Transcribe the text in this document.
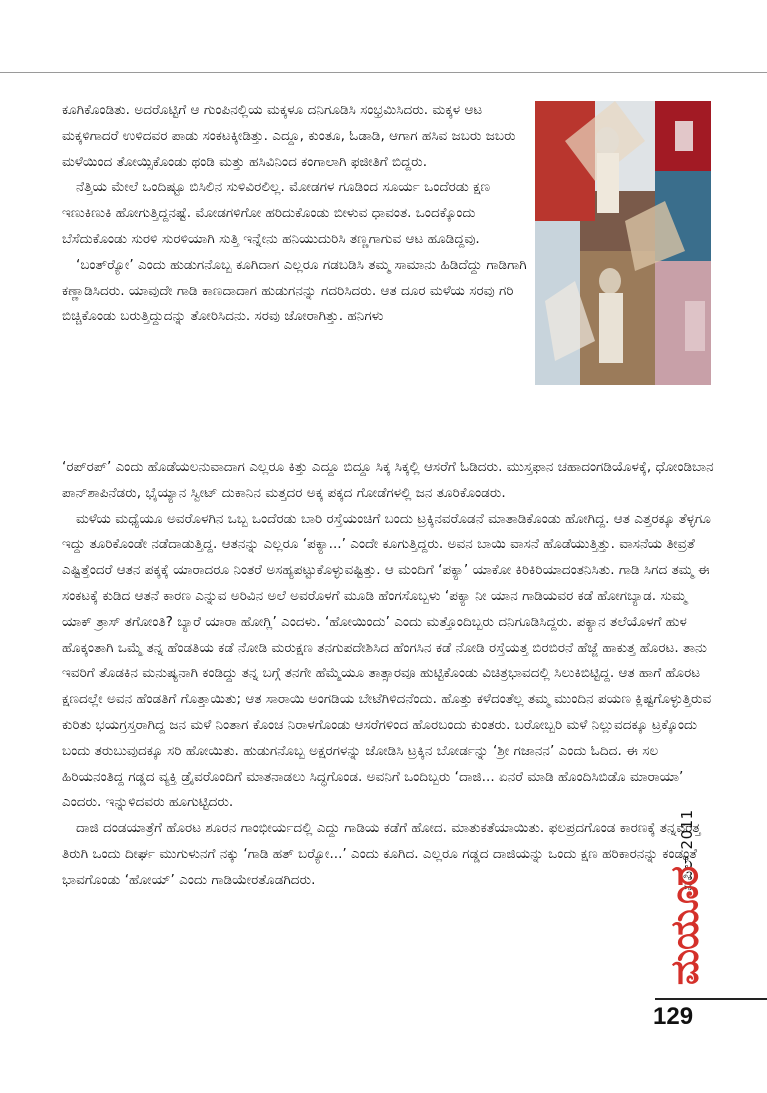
ಕೂಗಿಕೊಂಡಿತು. ಅದರೊಟ್ಟಿಗೆ ಆ ಗುಂಪಿನಲ್ಲಿಯ ಮಕ್ಕಳೂ ದನಿಗೂಡಿಸಿ ಸಂಭ್ರಮಿಸಿದರು. ಮಕ್ಕಳ ಆಟ ಮಕ್ಕಳಿಗಾದರೆ ಉಳಿದವರ ಪಾಡು ಸಂಕಟಕ್ಕೀಡಿತ್ತು. ಎದ್ದೂ, ಕುಂತೂ, ಓಡಾಡಿ, ಆಗಾಗ ಹಸಿವ ಜಬರು ಜಬರು ಮಳೆಯಿಂದ ತೋಯ್ಸಿಕೊಂಡು ಥಂಡಿ ಮತ್ತು ಹಸಿವಿನಿಂದ ಕಂಗಾಲಾಗಿ ಫಜೀತಿಗೆ ಬಿದ್ದರು.

ನೆತ್ತಿಯ ಮೇಲೆ ಒಂದಿಷ್ಟೂ ಬಿಸಿಲಿನ ಸುಳಿವಿರಲಿಲ್ಲ. ಮೋಡಗಳ ಗೂಡಿಂದ ಸೂರ್ಯ ಒಂದೆರಡು ಕ್ಷಣ ಇಣುಕಿಣುಕಿ ಹೋಗುತ್ತಿದ್ದನಷ್ಟೆ. ಮೋಡಗಳಿಗೋ ಹರಿದುಕೊಂಡು ಬೀಳುವ ಧಾವಂತ. ಒಂದಕ್ಕೊಂದು ಬೆಸೆದುಕೊಂಡು ಸುರಳಿ ಸುರಳಿಯಾಗಿ ಸುತ್ತಿ ಇನ್ನೇನು ಹನಿಯುದುರಿಸಿ ತಣ್ಣಗಾಗುವ ಆಟ ಹೂಡಿದ್ದವು.

‘ಬಂತ್‌ರ್‍ಯೋ’ ಎಂದು ಹುಡುಗನೊಬ್ಬ ಕೂಗಿದಾಗ ಎಲ್ಲರೂ ಗಡಬಡಿಸಿ ತಮ್ಮ ಸಾಮಾನು ಹಿಡಿದೆದ್ದು ಗಾಡಿಗಾಗಿ ಕಣ್ಣಾಡಿಸಿದರು. ಯಾವುದೇ ಗಾಡಿ ಕಾಣದಾದಾಗ ಹುಡುಗನನ್ನು ಗದರಿಸಿದರು. ಆತ ದೂರ ಮಳೆಯ ಸರವು ಗರಿ ಬಿಚ್ಚಿಕೊಂಡು ಬರುತ್ತಿದ್ದುದನ್ನು ತೋರಿಸಿದನು. ಸರವು ಜೋರಾಗಿತ್ತು. ಹನಿಗಳು

‘ರಪ್‌ರಪ್’ ಎಂದು ಹೊಡೆಯಲನುವಾದಾಗ ಎಲ್ಲರೂ ಕಿತ್ತು ಎದ್ದೂ ಬಿದ್ದೂ ಸಿಕ್ಕ ಸಿಕ್ಕಲ್ಲಿ ಆಸರೆಗೆ ಓಡಿದರು. ಮುಸ್ತಫಾನ ಚಹಾದಂಗಡಿಯೊಳಕ್ಕೆ, ಧೋಂಡಿಬಾನ ಪಾನ್‌ಶಾಪಿನೆಡರು, ಭೈಯ್ಯಾನ ಸ್ವೀಟ್ ದುಕಾನಿನ ಮತ್ತದರ ಅಕ್ಕ ಪಕ್ಕದ ಗೋಡೆಗಳಲ್ಲಿ ಜನ ತೂರಿಕೊಂಡರು.

ಮಳೆಯ ಮಧ್ಯೆಯೂ ಅವರೊಳಗಿನ ಒಬ್ಬ ಒಂದೆರಡು ಬಾರಿ ರಸ್ತೆಯಂಚಿಗೆ ಬಂದು ಟ್ರಕ್ಕಿನವರೊಡನೆ ಮಾತಾಡಿಕೊಂಡು ಹೋಗಿದ್ದ. ಆತ ಎತ್ತರಕ್ಕೂ ತೆಳ್ಳಗೂ ಇದ್ದು ತೂರಿಕೊಂಡೇ ನಡೆದಾಡುತ್ತಿದ್ದ. ಆತನನ್ನು ಎಲ್ಲರೂ ‘ಪಕ್ಯಾ...’ ಎಂದೇ ಕೂಗುತ್ತಿದ್ದರು. ಅವನ ಬಾಯಿ ವಾಸನೆ ಹೊಡೆಯುತ್ತಿತ್ತು. ವಾಸನೆಯ ತೀವ್ರತೆ ಎಷ್ಟಿತ್ತೆಂದರೆ ಆತನ ಪಕ್ಕಕ್ಕೆ ಯಾರಾದರೂ ನಿಂತರೆ ಅಸಹ್ಯಪಟ್ಟುಕೊಳ್ಳುವಷ್ಟಿತ್ತು. ಆ ಮಂದಿಗೆ ‘ಪಕ್ಯಾ’ ಯಾಕೋ ಕಿರಿಕಿರಿಯಾದಂತನಿಸಿತು. ಗಾಡಿ ಸಿಗದ ತಮ್ಮ ಈ ಸಂಕಟಕ್ಕೆ ಕುಡಿದ ಆತನೆ ಕಾರಣ ಎನ್ನುವ ಅರಿವಿನ ಅಲೆ ಅವರೊಳಗೆ ಮೂಡಿ ಹೆಂಗಸೊಬ್ಬಳು ‘ಪಕ್ಯಾ ನೀ ಯಾನ ಗಾಡಿಯವರ ಕಡೆ ಹೋಗಬ್ಯಾಡ. ಸುಮ್ಮ ಯಾಕ್ ತ್ರಾಸ್ ತಗೋಂತಿ? ಬ್ಯಾರೆ ಯಾರಾ ಹೋಗ್ಲಿ’ ಎಂದಳು. ‘ಹೋಯಿಂದು’ ಎಂದು ಮತ್ತೊಂದಿಬ್ಬರು ದನಿಗೂಡಿಸಿದ್ದರು. ಪಕ್ಯಾನ ತಲೆಯೊಳಗೆ ಹುಳ ಹೊಕ್ಕಂತಾಗಿ ಒಮ್ಮೆ ತನ್ನ ಹೆಂಡತಿಯ ಕಡೆ ನೋಡಿ ಮರುಕ್ಷಣ ತನಗುಪದೇಶಿಸಿದ ಹೆಂಗಸಿನ ಕಡೆ ನೋಡಿ ರಸ್ತೆಯತ್ತ ಬಿರಬಿರನೆ ಹೆಜ್ಜೆ ಹಾಕುತ್ತ ಹೊರಟ. ತಾನು ಇವರಿಗೆ ತೊಡಕಿನ ಮನುಷ್ಯನಾಗಿ ಕಂಡಿದ್ದು ತನ್ನ ಬಗ್ಗೆ ತನಗೇ ಹೆಮ್ಮೆಯೂ ತಾತ್ಸಾರವೂ ಹುಟ್ಟಿಕೊಂಡು ವಿಚಿತ್ರಭಾವದಲ್ಲಿ ಸಿಲುಕಿಬಿಟ್ಟಿದ್ದ. ಆತ ಹಾಗೆ ಹೊರಟ ಕ್ಷಣದಲ್ಲೇ ಅವನ ಹೆಂಡತಿಗೆ ಗೊತ್ತಾಯಿತು; ಆತ ಸಾರಾಯಿ ಅಂಗಡಿಯ ಬೇಟೆಗಿಳಿದನೆಂದು. ಹೊತ್ತು ಕಳೆದಂತೆಲ್ಲ ತಮ್ಮ ಮುಂದಿನ ಪಯಣ ಕ್ಲಿಷ್ಟಗೊಳ್ಳುತ್ತಿರುವ ಕುರಿತು ಭಯಗ್ರಸ್ತರಾಗಿದ್ದ ಜನ ಮಳೆ ನಿಂತಾಗ ಕೊಂಚ ನಿರಾಳಗೊಂಡು ಆಸರೆಗಳಿಂದ ಹೊರಬಂದು ಕುಂತರು. ಬರೋಬ್ಬರಿ ಮಳೆ ನಿಲ್ಲುವದಕ್ಕೂ ಟ್ರಕ್ಕೊಂದು ಬಂದು ತರುಬುವುದಕ್ಕೂ ಸರಿ ಹೋಯಿತು. ಹುಡುಗನೊಬ್ಬ ಅಕ್ಷರಗಳನ್ನು ಜೋಡಿಸಿ ಟ್ರಕ್ಕಿನ ಬೋರ್ಡನ್ನು ‘ಶ್ರೀ ಗಜಾನನ’ ಎಂದು ಓದಿದ. ಈ ಸಲ ಹಿರಿಯನಂತಿದ್ದ ಗಡ್ಡದ ವ್ಯಕ್ತಿ ಡ್ರೈವರೊಂದಿಗೆ ಮಾತನಾಡಲು ಸಿದ್ಧಗೊಂಡ. ಅವನಿಗೆ ಒಂದಿಬ್ಬರು ‘ದಾಜಿ... ಏನರೆ ಮಾಡಿ ಹೊಂದಿಸಿಬಿಡೊ ಮಾರಾಯಾ’ ಎಂದರು. ಇನ್ನುಳಿದವರು ಹೂಗುಟ್ಟಿದರು.

ದಾಜಿ ದಂಡಯಾತ್ರೆಗೆ ಹೊರಟ ಶೂರನ ಗಾಂಭೀರ್ಯದಲ್ಲಿ ಎದ್ದು ಗಾಡಿಯ ಕಡೆಗೆ ಹೋದ. ಮಾತುಕತೆಯಾಯಿತು. ಫಲಪ್ರದಗೊಂಡ ಕಾರಣಕ್ಕೆ ತನ್ನವರತ್ತ ತಿರುಗಿ ಒಂದು ದೀರ್ಘ ಮುಗುಳುನಗೆ ನಕ್ಕು ‘ಗಾಡಿ ಹತ್ ಬರ್‍ಯೋ...’ ಎಂದು ಕೂಗಿದ. ಎಲ್ಲರೂ ಗಡ್ಡದ ದಾಜಿಯನ್ನು ಒಂದು ಕ್ಷಣ ಹರಿಕಾರನನ್ನು ಕಂಡಂತೆ ಭಾವಗೊಂಡು ‘ಹೋಯ್’ ಎಂದು ಗಾಡಿಯೇರತೊಡಗಿದರು.	ಏಪ್ರಿಲ್ 2011
ಮಯೂರ
129
